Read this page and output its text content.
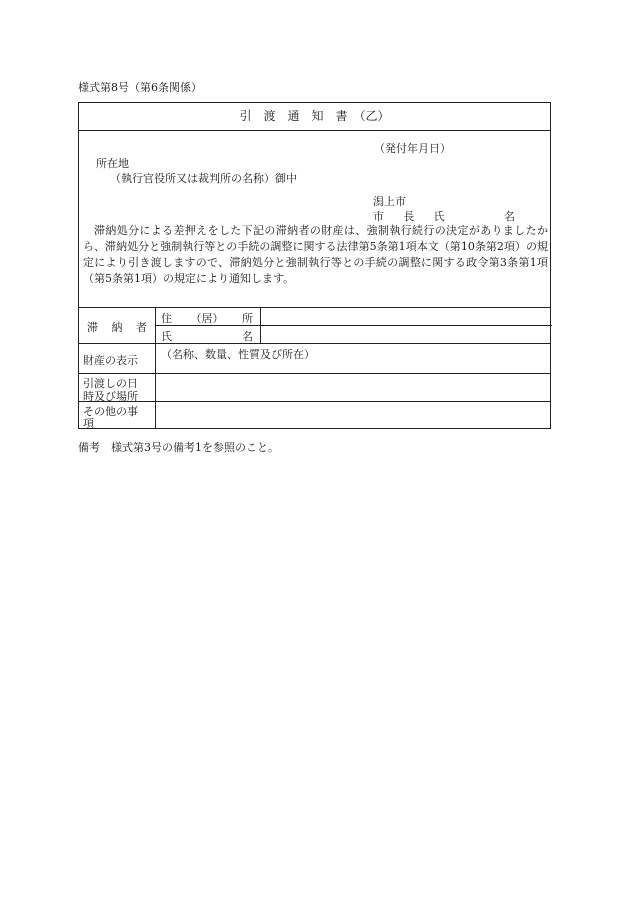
様式第8号（第6条関係）
引　渡　通　知　書　（乙）
（発付年月日）
所在地
（執行官役所又は裁判所の名称）御中
潟上市
市 長 氏	名
滞納処分による差押えをした下記の滞納者の財産は、強制執行続行の決定がありましたから、滞納処分と強制執行等との手続の調整に関する法律第5条第1項本文（第10条第2項）の規定により引き渡しますので、滞納処分と強制執行等との手続の調整に関する政令第3条第1項（第5条第1項）の規定により通知します。
滞 納 者
住 （居） 所
氏	名
財産の表示 （名称、数量、性質及び所在）
引渡しの日
時及び場所
その他の事
項
備考　様式第3号の備考1を参照のこと。
